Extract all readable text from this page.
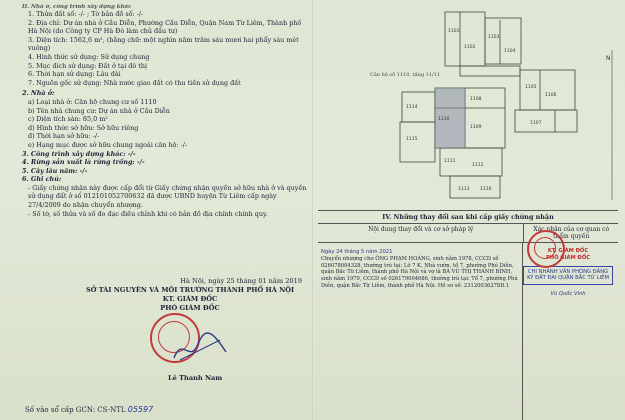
II. Nhà ở, công trình xây dựng khác
1. Thửa đất số: -/- ; Tờ bản đồ số: -/-
2. Địa chỉ: Dự án nhà ở Cầu Diễn, Phường Cầu Diễn, Quận Nam Từ Liêm, Thành phố
Hà Nội (do Công ty CP Hà Đô làm chủ đầu tư)
3. Diện tích: 1562,6 m², (bằng chữ: một nghìn năm trăm sáu mươi hai phẩy sáu mét
vuông)
4. Hình thức sử dụng: Sử dụng chung
5. Mục đích sử dụng: Đất ở tại đô thị
6. Thời hạn sử dụng: Lâu dài
7. Nguồn gốc sử dụng: Nhà nước giao đất có thu tiền sử dụng đất
2. Nhà ở:
a) Loại nhà ở: Căn hộ chung cư số 1110
b) Tên nhà chung cư: Dự án nhà ở Cầu Diễn
c) Diện tích sàn: 85,0 m²
d) Hình thức sở hữu: Sở hữu riêng
đ) Thời hạn sở hữu: -/-
e) Hạng mục được sở hữu chung ngoài căn hộ: -/-
3. Công trình xây dựng khác: -/-
4. Rừng sản xuất là rừng trồng: -/-
5. Cây lâu năm: -/-
6. Ghi chú:
- Giấy chứng nhận này được cấp đổi từ Giấy chứng nhận quyền sở hữu nhà ở và quyền
sử dụng đất ở số 012101052700632 đã được UBND huyện Từ Liêm cấp ngày
27/4/2009 do nhận chuyển nhượng.
- Số tờ, số thửa và số đo đạc điều chỉnh khi có bản đồ địa chính chính quy.
Hà Nội, ngày 25 tháng 01 năm 2019
SỞ TÀI NGUYÊN VÀ MÔI TRƯỜNG THÀNH PHỐ HÀ NỘI
KT. GIÁM ĐỐC
PHÓ GIÁM ĐỐC
Lê Thanh Nam
Số vào sổ cấp GCN: CS-NTL 05597
1101
1102
1103
1104
1105
1106
1107
1108
1109
1110
1111
1112
1113
1114
1115
1116
N
Căn hộ số 1110, tầng 11/11
IV. Những thay đổi sau khi cấp giấy chứng nhận
Nội dung thay đổi và cơ sở pháp lý	Xác nhận của cơ quan có thẩm quyền
Ngày 24 tháng 5 năm 2021
Chuyển nhượng cho ÔNG PHẠM HOÀNG, sinh năm 1978, CCCD số
026078004328, thường trú tại: Lô 7 K, Nhà vườn, tổ 7, phường Phú Diễn,
quận Bắc Từ Liêm, thành phố Hà Nội và vợ là BÀ VŨ THỊ THANH BÌNH,
sinh năm 1979, CCCD số 026179004686, thường trú tại: Tổ 7, phường Phú
Diễn, quận Bắc Từ Liêm, thành phố Hà Nội. Hồ sơ số: 23120036278D.1
KT. GIÁM ĐỐC
PHÓ GIÁM ĐỐC
CHI NHÁNH VĂN PHÒNG ĐĂNG KÝ ĐẤT ĐAI QUẬN BẮC TỪ LIÊM
Vũ Quốc Vinh
